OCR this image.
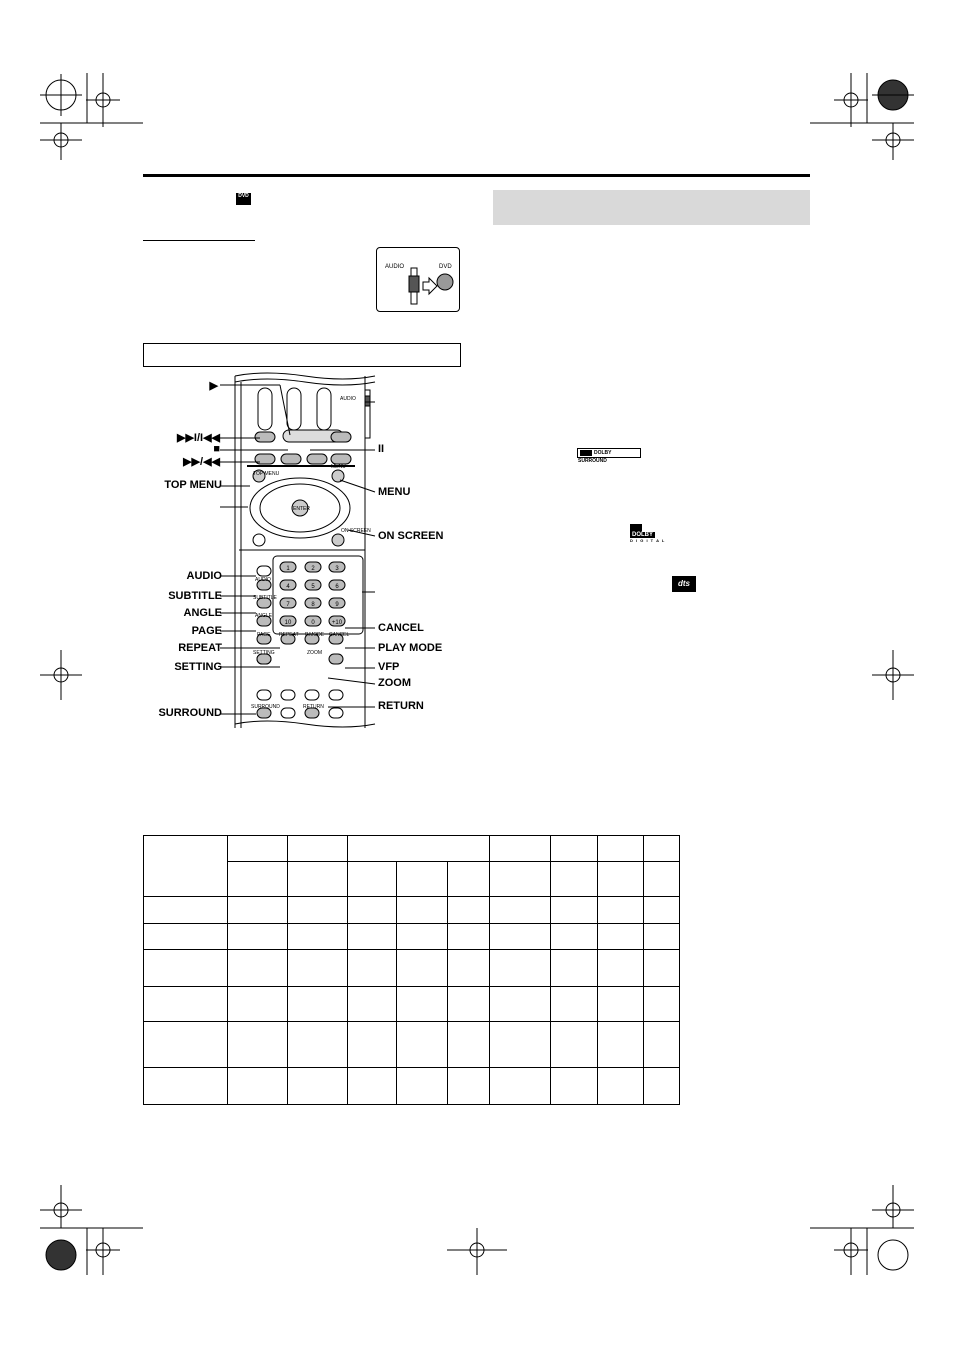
DVD
AUDIO	DVD
TOP MENU
MENU
ENTER
ON SCREEN
AUDIO
SUBTITLE
ANGLE
PAGE REPEAT P.MODE CANCEL
SETTING	ZOOM
SURROUND	RETURN
AUDIO
1	2	3
4	5	6
7	8	9
10	0	+10
▶
▶▶I/I◀◀
■
▶▶/◀◀
TOP MENU
AUDIO
SUBTITLE
ANGLE
PAGE
REPEAT
SETTING
SURROUND
II
MENU
ON SCREEN
CANCEL
PLAY MODE
VFP
ZOOM
RETURN
DOLBY SURROUND
DOLBY
D I G I T A L
dts
